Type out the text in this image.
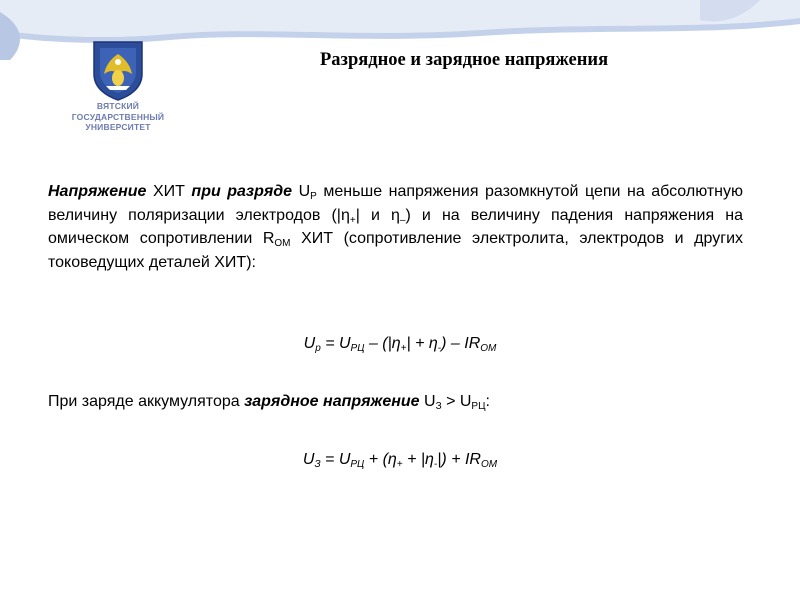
ВЯТСКИЙ
ГОСУДАРСТВЕННЫЙ
УНИВЕРСИТЕТ
Разрядное и зарядное напряжения
Напряжение ХИТ при разряде $U_Р$ меньше напряжения разомкнутой цепи на абсолютную величину поляризации электродов ($|\eta_+|$ и $\eta_-$) и на величину падения напряжения на омическом сопротивлении $R_{ОМ}$ ХИТ (сопротивление электролита, электродов и других токоведущих деталей ХИТ):
$U_р = U_{РЦ} - (|\eta_+| + \eta_-) - IR_{ОМ}$
При заряде аккумулятора зарядное напряжение $U_З > U_{РЦ}$:
$U_З = U_{РЦ} + (\eta_+ + |\eta_-|) + IR_{ОМ}$
